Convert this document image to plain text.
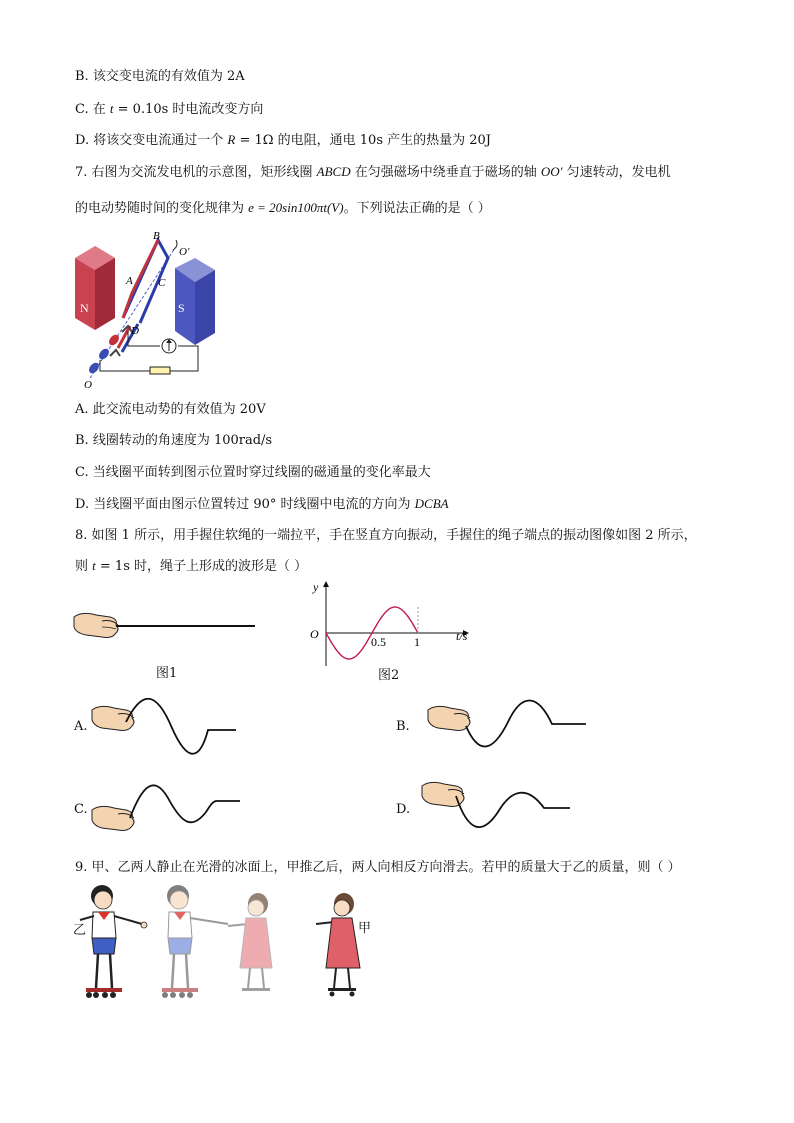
B. 该交变电流的有效值为 2A
C. 在 t = 0.10s 时电流改变方向
D. 将该交变电流通过一个 R = 1Ω 的电阻，通电 10s 产生的热量为 20J
7. 右图为交流发电机的示意图，矩形线圈 ABCD 在匀强磁场中绕垂直于磁场的轴 OO′ 匀速转动，发电机
的电动势随时间的变化规律为 e = 20sin100πt(V)。下列说法正确的是（ ）
N	S
B
O′
A C
D
O
A. 此交流电动势的有效值为 20V
B. 线圈转动的角速度为 100rad/s
C. 当线圈平面转到图示位置时穿过线圈的磁通量的变化率最大
D. 当线圈平面由图示位置转过 90° 时线圈中电流的方向为 DCBA
8. 如图 1 所示，用手握住软绳的一端拉平，手在竖直方向振动，手握住的绳子端点的振动图像如图 2 所示，
则 t = 1s 时，绳子上形成的波形是（ ）
图1
y
t/s
O
0.5 1
图2
A.	B.
C.	D.
9. 甲、乙两人静止在光滑的冰面上，甲推乙后，两人向相反方向滑去。若甲的质量大于乙的质量，则（ ）
乙	甲
